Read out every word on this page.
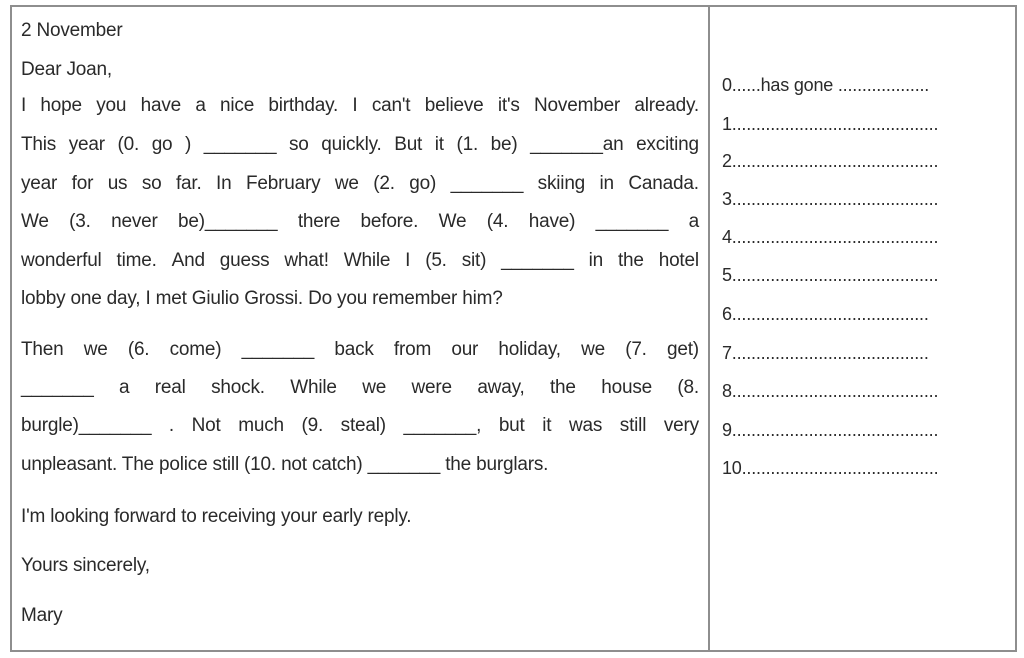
2 November
Dear Joan,
I hope you have a nice birthday. I can't believe it's November already.
This year (0. go ) _______ so quickly. But it (1. be) _______an exciting
year for us so far. In February we (2. go) _______ skiing in Canada.
We (3. never be)_______ there before. We (4. have) _______ a
wonderful time. And guess what! While I (5. sit) _______ in the hotel
lobby one day, I met Giulio Grossi. Do you remember him?
Then we (6. come) _______ back from our holiday, we (7. get)
_______ a real shock. While we were away, the house (8.
burgle)_______ . Not much (9. steal) _______, but it was still very
unpleasant. The police still (10. not catch) _______ the burglars.
I'm looking forward to receiving your early reply.
Yours sincerely,
Mary
0......has gone ...................
1...........................................
2...........................................
3...........................................
4...........................................
5...........................................
6.........................................
7.........................................
8...........................................
9...........................................
10.........................................
